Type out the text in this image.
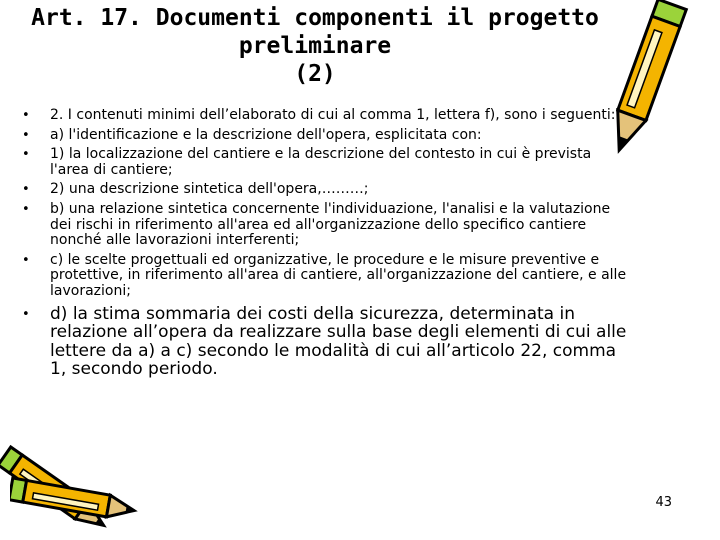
Art. 17. Documenti componenti il progetto
preliminare
(2)
• 2. I contenuti minimi dell’elaborato di cui al comma 1, lettera f), sono i seguenti:
• a) l'identificazione e la descrizione dell'opera, esplicitata con:
• 1) la localizzazione del cantiere e la descrizione del contesto in cui è prevista l'area di cantiere;
• 2) una descrizione sintetica dell'opera,………;
• b) una relazione sintetica concernente l'individuazione, l'analisi e la valutazione dei rischi in riferimento all'area ed all'organizzazione dello specifico cantiere nonché alle lavorazioni interferenti;
• c) le scelte progettuali ed organizzative, le procedure e le misure preventive e protettive, in riferimento all'area di cantiere, all'organizzazione del cantiere, e alle lavorazioni;
• d) la stima sommaria dei costi della sicurezza, determinata in relazione all’opera da realizzare sulla base degli elementi di cui alle lettere da a) a c) secondo le modalità di cui all’articolo 22, comma 1, secondo periodo.
43
